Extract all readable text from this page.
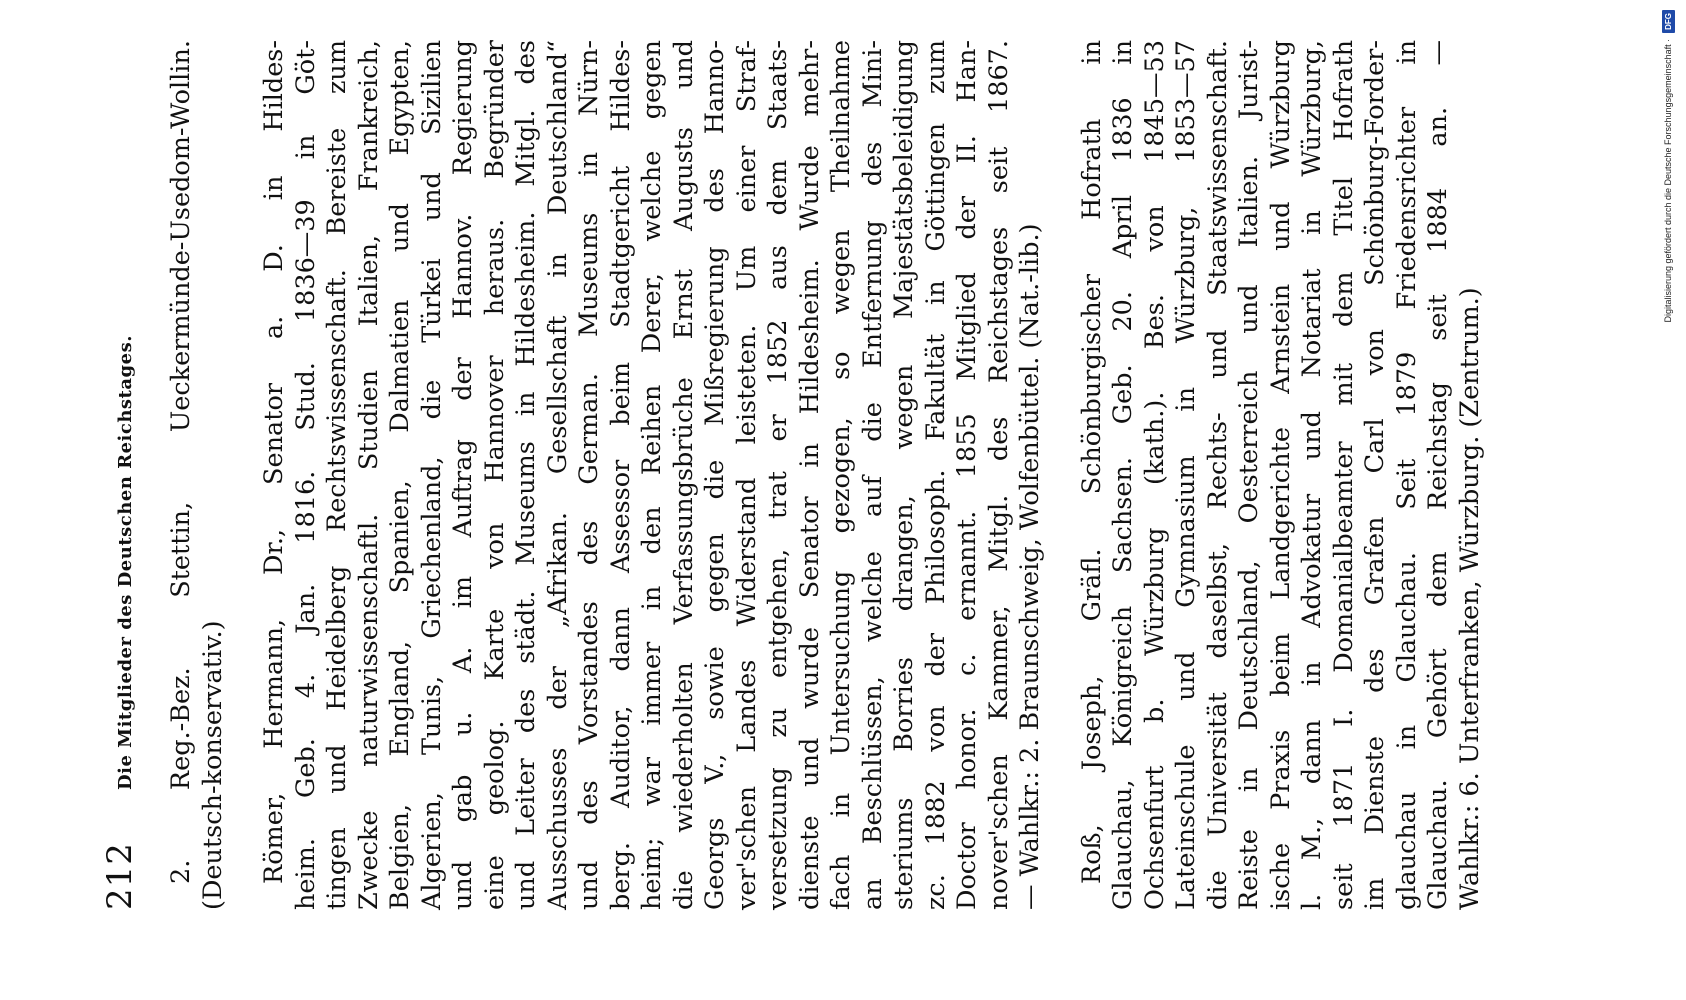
212
Die Mitglieder des Deutschen Reichstages. 2. Reg.-Bez. Stettin, Ueckermünde-Usedom-Wollin. (Deutsch-konservativ.) Römer, Hermann, Dr., Senator a. D. in Hildes- heim. Geb. 4. Jan. 1816. Stud. 1836—39 in Göt- tingen und Heidelberg Rechtswissenschaft. Bereiste zum Zwecke naturwissenschaftl. Studien Italien, Frankreich, Belgien, England, Spanien, Dalmatien und Egypten, Algerien, Tunis, Griechenland, die Türkei und Sizilien und gab u. A. im Auftrag der Hannov. Regierung eine geolog. Karte von Hannover heraus. Begründer und Leiter des städt. Museums in Hildesheim. Mitgl. des Ausschusses der „Afrikan. Gesellschaft in Deutschland“ und des Vorstandes des German. Museums in Nürn- berg. Auditor, dann Assessor beim Stadtgericht Hildes- heim; war immer in den Reihen Derer, welche gegen die wiederholten Verfassungsbrüche Ernst Augusts und Georgs V., sowie gegen die Mißregierung des Hanno- ver'schen Landes Widerstand leisteten. Um einer Straf- versetzung zu entgehen, trat er 1852 aus dem Staats- dienste und wurde Senator in Hildesheim. Wurde mehr- fach in Untersuchung gezogen, so wegen Theilnahme an Beschlüssen, welche auf die Entfernung des Mini- steriums Borries drangen, wegen Majestätsbeleidigung zc. 1882 von der Philosoph. Fakultät in Göttingen zum Doctor honor. c. ernannt. 1855 Mitglied der II. Han- nover'schen Kammer, Mitgl. des Reichstages seit 1867. — Wahlkr.: 2. Braunschweig, Wolfenbüttel. (Nat.-lib.) Roß, Joseph, Gräfl. Schönburgischer Hofrath in Glauchau, Königreich Sachsen. Geb. 20. April 1836 in Ochsenfurt b. Würzburg (kath.). Bes. von 1845—53 Lateinschule und Gymnasium in Würzburg, 1853—57 die Universität daselbst, Rechts- und Staatswissenschaft. Reiste in Deutschland, Oesterreich und Italien. Jurist- ische Praxis beim Landgerichte Arnstein und Würzburg l. M., dann in Advokatur und Notariat in Würzburg, seit 1871 I. Domanialbeamter mit dem Titel Hofrath im Dienste des Grafen Carl von Schönburg-Forder- glauchau in Glauchau. Seit 1879 Friedensrichter in Glauchau. Gehört dem Reichstag seit 1884 an. — Wahlkr.: 6. Unterfranken, Würzburg. (Zentrum.)
Digitalisierung gefördert durch die Deutsche Forschungsgemeinschaft ·
DFG
